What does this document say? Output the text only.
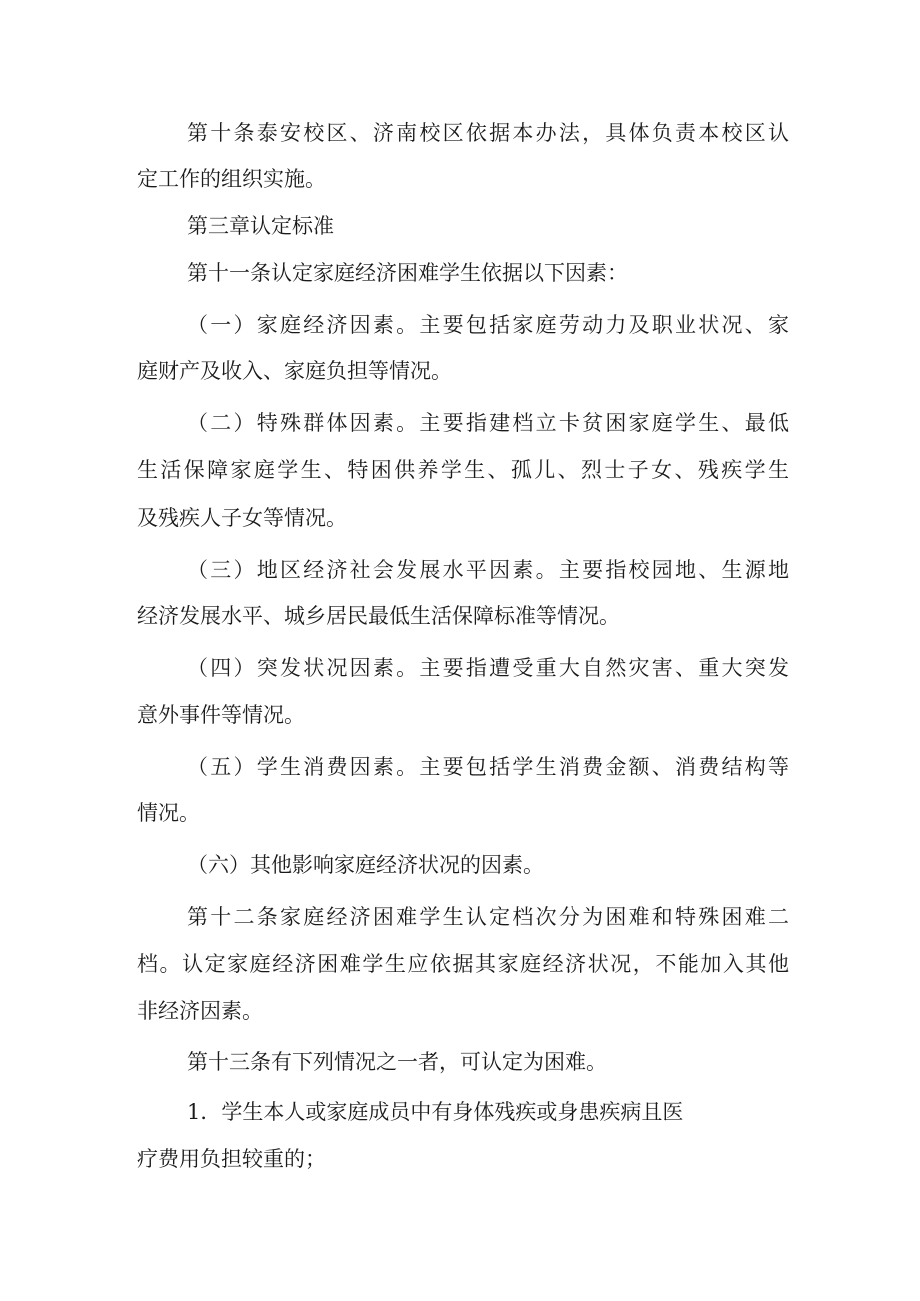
第十条泰安校区、济南校区依据本办法，具体负责本校区认
定工作的组织实施。
第三章认定标准
第十一条认定家庭经济困难学生依据以下因素：
（一）家庭经济因素。主要包括家庭劳动力及职业状况、家
庭财产及收入、家庭负担等情况。
（二）特殊群体因素。主要指建档立卡贫困家庭学生、最低
生活保障家庭学生、特困供养学生、孤儿、烈士子女、残疾学生
及残疾人子女等情况。
（三）地区经济社会发展水平因素。主要指校园地、生源地
经济发展水平、城乡居民最低生活保障标准等情况。
（四）突发状况因素。主要指遭受重大自然灾害、重大突发
意外事件等情况。
（五）学生消费因素。主要包括学生消费金额、消费结构等
情况。
（六）其他影响家庭经济状况的因素。
第十二条家庭经济困难学生认定档次分为困难和特殊困难二
档。认定家庭经济困难学生应依据其家庭经济状况，不能加入其他
非经济因素。
第十三条有下列情况之一者，可认定为困难。
1．学生本人或家庭成员中有身体残疾或身患疾病且医
疗费用负担较重的；
